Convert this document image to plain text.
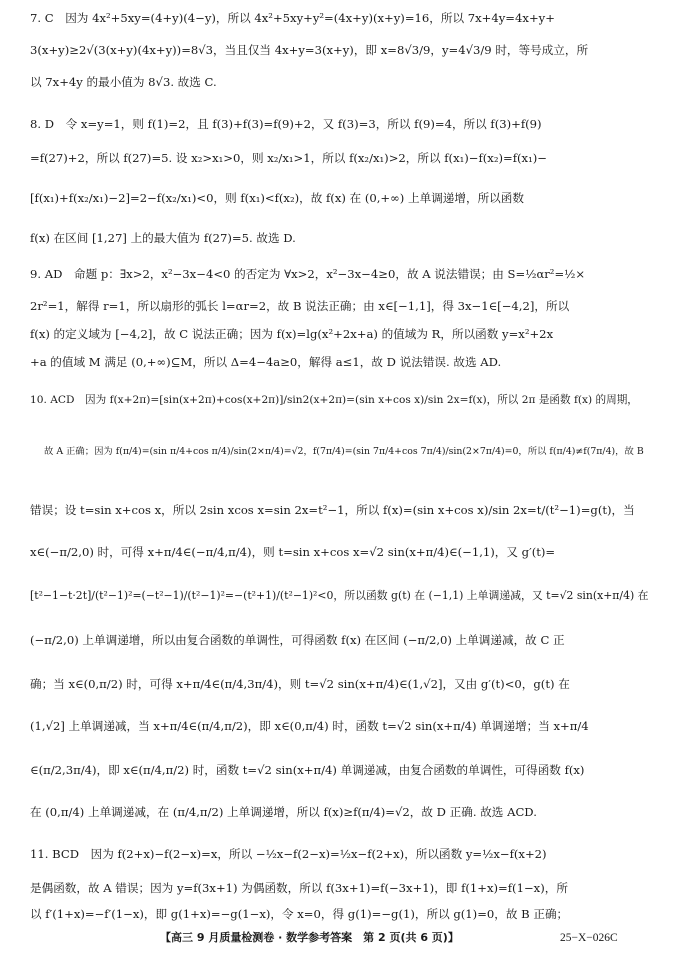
7. C　因为 4x²+5xy=(4+y)(4−y)，所以 4x²+5xy+y²=(4x+y)(x+y)=16，所以 7x+4y=4x+y+
3(x+y)≥2√(3(x+y)(4x+y))=8√3，当且仅当 4x+y=3(x+y)，即 x=8√3/9，y=4√3/9 时，等号成立，所
以 7x+4y 的最小值为 8√3. 故选 C.
8. D　令 x=y=1，则 f(1)=2，且 f(3)+f(3)=f(9)+2，又 f(3)=3，所以 f(9)=4，所以 f(3)+f(9)
=f(27)+2，所以 f(27)=5. 设 x₂>x₁>0，则 x₂/x₁>1，所以 f(x₂/x₁)>2，所以 f(x₁)−f(x₂)=f(x₁)−
[f(x₁)+f(x₂/x₁)−2]=2−f(x₂/x₁)<0，则 f(x₁)<f(x₂)，故 f(x) 在 (0,+∞) 上单调递增，所以函数
f(x) 在区间 [1,27] 上的最大值为 f(27)=5. 故选 D.
9. AD　命题 p：∃x>2，x²−3x−4<0 的否定为 ∀x>2，x²−3x−4≥0，故 A 说法错误；由 S=½αr²=½×
2r²=1，解得 r=1，所以扇形的弧长 l=αr=2，故 B 说法正确；由 x∈[−1,1]，得 3x−1∈[−4,2]，所以
f(x) 的定义域为 [−4,2]，故 C 说法正确；因为 f(x)=lg(x²+2x+a) 的值域为 R，所以函数 y=x²+2x
+a 的值域 M 满足 (0,+∞)⊆M，所以 Δ=4−4a≥0，解得 a≤1，故 D 说法错误. 故选 AD.
10. ACD　因为 f(x+2π)=[sin(x+2π)+cos(x+2π)]/sin2(x+2π)=(sin x+cos x)/sin 2x=f(x)，所以 2π 是函数 f(x) 的周期，
故 A 正确；因为 f(π/4)=(sin π/4+cos π/4)/sin(2×π/4)=√2，f(7π/4)=(sin 7π/4+cos 7π/4)/sin(2×7π/4)=0，所以 f(π/4)≠f(7π/4)，故 B
错误；设 t=sin x+cos x，所以 2sin xcos x=sin 2x=t²−1，所以 f(x)=(sin x+cos x)/sin 2x=t/(t²−1)=g(t)，当
x∈(−π/2,0) 时，可得 x+π/4∈(−π/4,π/4)，则 t=sin x+cos x=√2 sin(x+π/4)∈(−1,1)，又 g′(t)=
[t²−1−t·2t]/(t²−1)²=(−t²−1)/(t²−1)²=−(t²+1)/(t²−1)²<0，所以函数 g(t) 在 (−1,1) 上单调递减，又 t=√2 sin(x+π/4) 在
(−π/2,0) 上单调递增，所以由复合函数的单调性，可得函数 f(x) 在区间 (−π/2,0) 上单调递减，故 C 正
确；当 x∈(0,π/2) 时，可得 x+π/4∈(π/4,3π/4)，则 t=√2 sin(x+π/4)∈(1,√2]，又由 g′(t)<0，g(t) 在
(1,√2] 上单调递减，当 x+π/4∈(π/4,π/2)，即 x∈(0,π/4) 时，函数 t=√2 sin(x+π/4) 单调递增；当 x+π/4
∈(π/2,3π/4)，即 x∈(π/4,π/2) 时，函数 t=√2 sin(x+π/4) 单调递减，由复合函数的单调性，可得函数 f(x)
在 (0,π/4) 上单调递减，在 (π/4,π/2) 上单调递增，所以 f(x)≥f(π/4)=√2，故 D 正确. 故选 ACD.
11. BCD　因为 f(2+x)−f(2−x)=x，所以 −½x−f(2−x)=½x−f(2+x)，所以函数 y=½x−f(x+2)
是偶函数，故 A 错误；因为 y=f(3x+1) 为偶函数，所以 f(3x+1)=f(−3x+1)，即 f(1+x)=f(1−x)，所
以 f′(1+x)=−f′(1−x)，即 g(1+x)=−g(1−x)，令 x=0，得 g(1)=−g(1)，所以 g(1)=0，故 B 正确；
【高三 9 月质量检测卷 · 数学参考答案　第 2 页(共 6 页)】	25−X−026C
